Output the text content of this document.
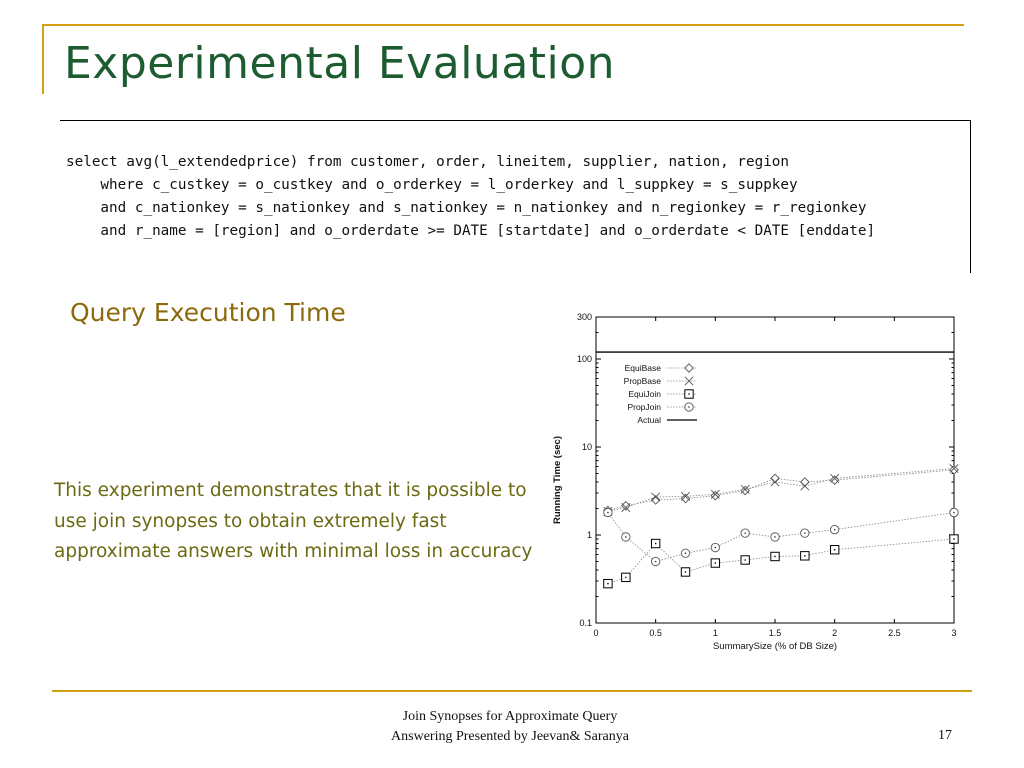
Experimental Evaluation
select avg(l_extendedprice) from customer, order, lineitem, supplier, nation, region
where c_custkey = o_custkey and o_orderkey = l_orderkey and l_suppkey = s_suppkey
and c_nationkey = s_nationkey and s_nationkey = n_nationkey and n_regionkey = r_regionkey
and r_name = [region] and o_orderdate >= DATE [startdate] and o_orderdate < DATE [enddate]
Query Execution Time
This experiment demonstrates that it is possible to use join synopses to obtain extremely fast approximate answers with minimal loss in accuracy
0	0.5	1	1.5	2	2.5	3
0.1
1
10
100
300
SummarySize (% of DB Size)
Running Time (sec)
EquiBase
PropBase
EquiJoin
PropJoin
Actual
Join Synopses for Approximate Query
Answering Presented by Jeevan& Saranya	17
